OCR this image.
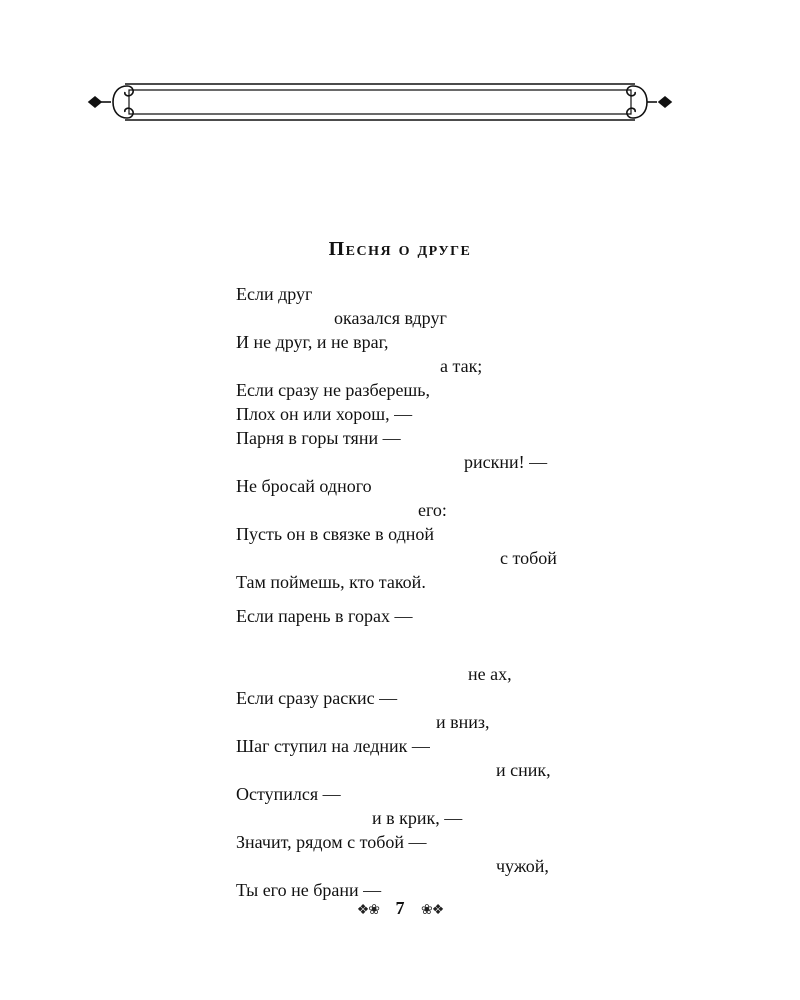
Песня о друге
Если друг
оказался вдруг
И не друг, и не враг,
а так;
Если сразу не разберешь,
Плох он или хорош, —
Парня в горы тяни —
рискни! —
Не бросай одного
его:
Пусть он в связке в одной
с тобой
Там поймешь, кто такой.
Если парень в горах —
не ах,
Если сразу раскис —
и вниз,
Шаг ступил на ледник —
и сник,
Оступился —
и в крик, —
Значит, рядом с тобой —
чужой,
Ты его не брани —
❖❀ 7 ❀❖
